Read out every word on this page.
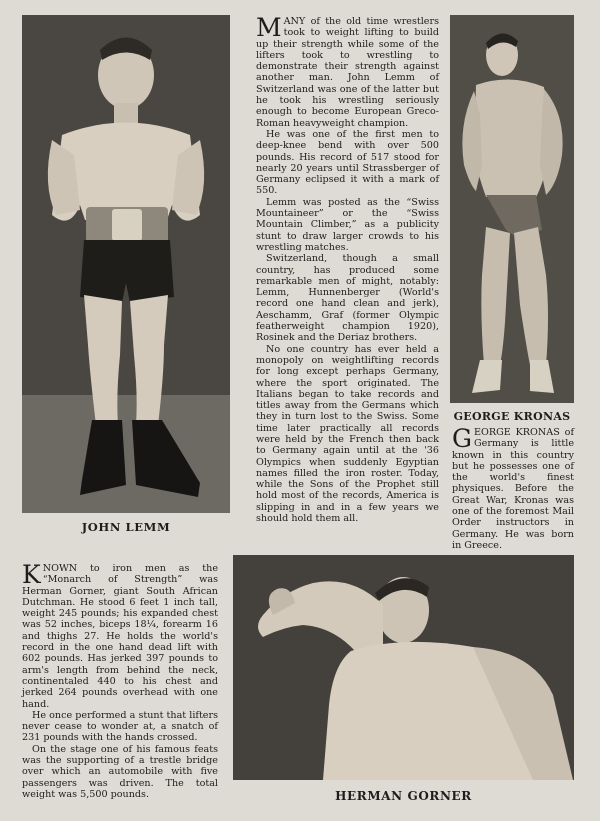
JOHN LEMM

MANY of the old time wrestlers took to weight lifting to build up their strength while some of the lifters took to wrestling to demonstrate their strength against another man. John Lemm of Switzerland was one of the latter but he took his wrestling seriously enough to become European Greco-Roman heavyweight champion.

He was one of the first men to deep-knee bend with over 500 pounds. His record of 517 stood for nearly 20 years until Strassberger of Germany eclipsed it with a mark of 550.

Lemm was posted as the “Swiss Mountaineer” or the “Swiss Mountain Climber,” as a publicity stunt to draw larger crowds to his wrestling matches.

Switzerland, though a small country, has produced some remarkable men of might, notably: Lemm, Hunnenberger (World's record one hand clean and jerk), Aeschamm, Graf (former Olympic featherweight champion 1920), Rosinek and the Deriaz brothers.

No one country has ever held a monopoly on weightlifting records for long except perhaps Germany, where the sport originated. The Italians began to take records and titles away from the Germans which they in turn lost to the Swiss. Some time later practically all records were held by the French then back to Germany again until at the '36 Olympics when suddenly Egyptian names filled the iron roster. Today, while the Sons of the Prophet still hold most of the records, America is slipping in and in a few years we should hold them all.

GEORGE KRONAS

GEORGE KRONAS of Germany is little known in this country but he possesses one of the world's finest physiques. Before the Great War, Kronas was one of the foremost Mail Order instructors in Germany. He was born in Greece.

KNOWN to iron men as the “Monarch of Strength” was Herman Gorner, giant South African Dutchman. He stood 6 feet 1 inch tall, weight 245 pounds; his expanded chest was 52 inches, biceps 18¼, forearm 16 and thighs 27. He holds the world's record in the one hand dead lift with 602 pounds. Has jerked 397 pounds to arm's length from behind the neck, continentaled 440 to his chest and jerked 264 pounds overhead with one hand.

He once performed a stunt that lifters never cease to wonder at, a snatch of 231 pounds with the hands crossed.

On the stage one of his famous feats was the supporting of a trestle bridge over which an automobile with five passengers was driven. The total weight was 5,500 pounds.	HERMAN GORNER
